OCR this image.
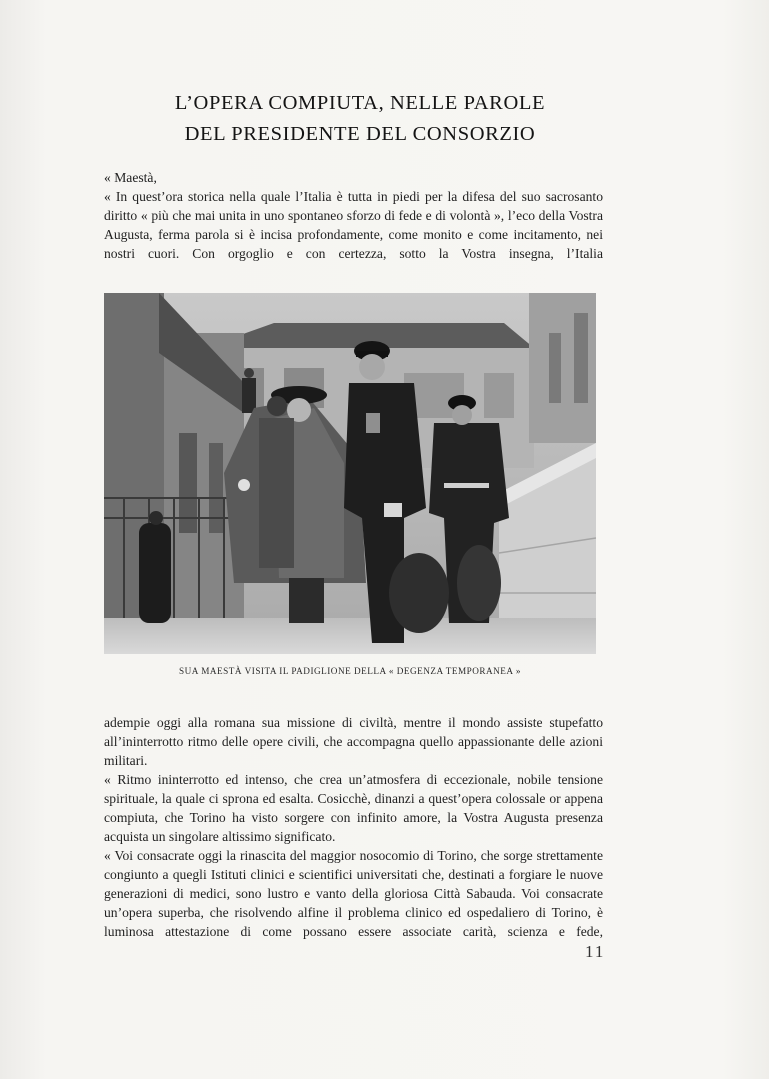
L’OPERA COMPIUTA, NELLE PAROLE
DEL PRESIDENTE DEL CONSORZIO

« Maestà,

« In quest’ora storica nella quale l’Italia è tutta in piedi per la difesa del suo sacrosanto diritto « più che mai unita in uno spontaneo sforzo di fede e di volontà », l’eco della Vostra Augusta, ferma parola si è incisa profondamente, come monito e come incitamento, nei nostri cuori. Con orgoglio e con certezza, sotto la Vostra insegna, l’Italia

SUA MAESTÀ VISITA IL PADIGLIONE DELLA « DEGENZA TEMPORANEA »

adempie oggi alla romana sua missione di civiltà, mentre il mondo assiste stupefatto all’ininterrotto ritmo delle opere civili, che accompagna quello appassionante delle azioni militari.

« Ritmo ininterrotto ed intenso, che crea un’atmosfera di eccezionale, nobile tensione spirituale, la quale ci sprona ed esalta. Cosicchè, dinanzi a quest’opera colossale or appena compiuta, che Torino ha visto sorgere con infinito amore, la Vostra Augusta presenza acquista un singolare altissimo significato.

« Voi consacrate oggi la rinascita del maggior nosocomio di Torino, che sorge strettamente congiunto a quegli Istituti clinici e scientifici universitati che, destinati a forgiare le nuove generazioni di medici, sono lustro e vanto della gloriosa Città Sabauda. Voi consacrate un’opera superba, che risolvendo alfine il problema clinico ed ospedaliero di Torino, è luminosa attestazione di come possano essere associate carità, scienza e fede,

11
